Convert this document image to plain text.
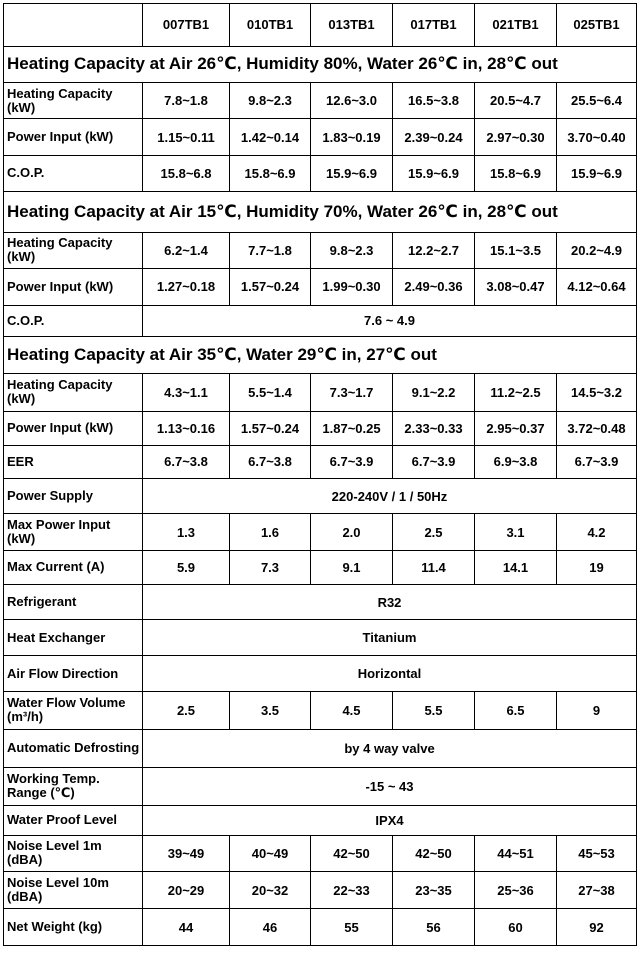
	007TB1	010TB1	013TB1	017TB1	021TB1	025TB1
Heating Capacity at Air 26℃, Humidity 80%, Water 26℃ in, 28℃ out						
Heating Capacity (kW)	7.8~1.8	9.8~2.3	12.6~3.0	16.5~3.8	20.5~4.7	25.5~6.4
Power Input (kW)	1.15~0.11	1.42~0.14	1.83~0.19	2.39~0.24	2.97~0.30	3.70~0.40
C.O.P.	15.8~6.8	15.8~6.9	15.9~6.9	15.9~6.9	15.8~6.9	15.9~6.9
Heating Capacity at Air 15℃, Humidity 70%, Water 26℃ in, 28℃ out						
Heating Capacity (kW)	6.2~1.4	7.7~1.8	9.8~2.3	12.2~2.7	15.1~3.5	20.2~4.9
Power Input (kW)	1.27~0.18	1.57~0.24	1.99~0.30	2.49~0.36	3.08~0.47	4.12~0.64
C.O.P.	7.6 ~ 4.9					
Heating Capacity at Air 35℃, Water 29℃ in, 27℃ out						
Heating Capacity (kW)	4.3~1.1	5.5~1.4	7.3~1.7	9.1~2.2	11.2~2.5	14.5~3.2
Power Input (kW)	1.13~0.16	1.57~0.24	1.87~0.25	2.33~0.33	2.95~0.37	3.72~0.48
EER	6.7~3.8	6.7~3.8	6.7~3.9	6.7~3.9	6.9~3.8	6.7~3.9
Power Supply	220-240V / 1 / 50Hz					
Max Power Input (kW)	1.3	1.6	2.0	2.5	3.1	4.2
Max Current (A)	5.9	7.3	9.1	11.4	14.1	19
Refrigerant	R32					
Heat Exchanger	Titanium					
Air Flow Direction	Horizontal					
Water Flow Volume (m³/h)	2.5	3.5	4.5	5.5	6.5	9
Automatic Defrosting	by 4 way valve					
Working Temp. Range (℃)	-15 ~ 43					
Water Proof Level	IPX4					
Noise Level 1m (dBA)	39~49	40~49	42~50	42~50	44~51	45~53
Noise Level 10m (dBA)	20~29	20~32	22~33	23~35	25~36	27~38
Net Weight (kg)	44	46	55	56	60	92
